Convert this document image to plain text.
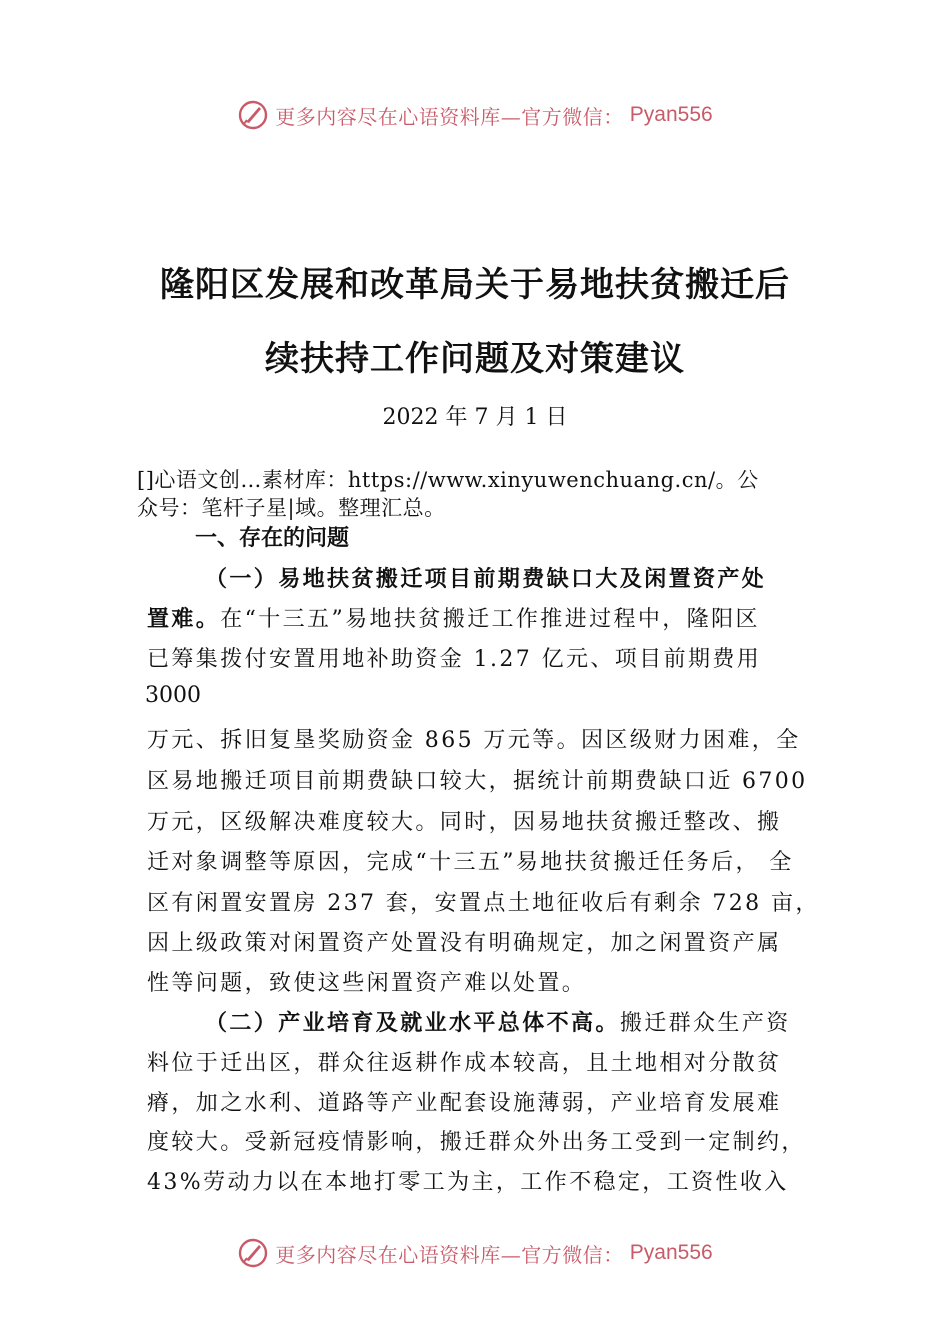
更多内容尽在心语资料库—官方微信： Pyan556
隆阳区发展和改革局关于易地扶贫搬迁后
续扶持工作问题及对策建议
2022 年 7 月 1 日
[]心语文创…素材库：https://www.xinyuwenchuang.cn/。公
众号：笔杆子星|域。整理汇总。
一、存在的问题
（一）易地扶贫搬迁项目前期费缺口大及闲置资产处
置难。在“十三五”易地扶贫搬迁工作推进过程中，隆阳区
已筹集拨付安置用地补助资金 1.27 亿元、项目前期费用
3000
万元、拆旧复垦奖励资金 865 万元等。因区级财力困难，全
区易地搬迁项目前期费缺口较大，据统计前期费缺口近 6700
万元，区级解决难度较大。同时，因易地扶贫搬迁整改、搬
迁对象调整等原因，完成“十三五”易地扶贫搬迁任务后， 全
区有闲置安置房 237 套，安置点土地征收后有剩余 728 亩，
因上级政策对闲置资产处置没有明确规定，加之闲置资产属
性等问题，致使这些闲置资产难以处置。
（二）产业培育及就业水平总体不高。搬迁群众生产资
料位于迁出区，群众往返耕作成本较高，且土地相对分散贫
瘠，加之水利、道路等产业配套设施薄弱，产业培育发展难
度较大。受新冠疫情影响，搬迁群众外出务工受到一定制约，
43%劳动力以在本地打零工为主，工作不稳定，工资性收入
更多内容尽在心语资料库—官方微信： Pyan556
